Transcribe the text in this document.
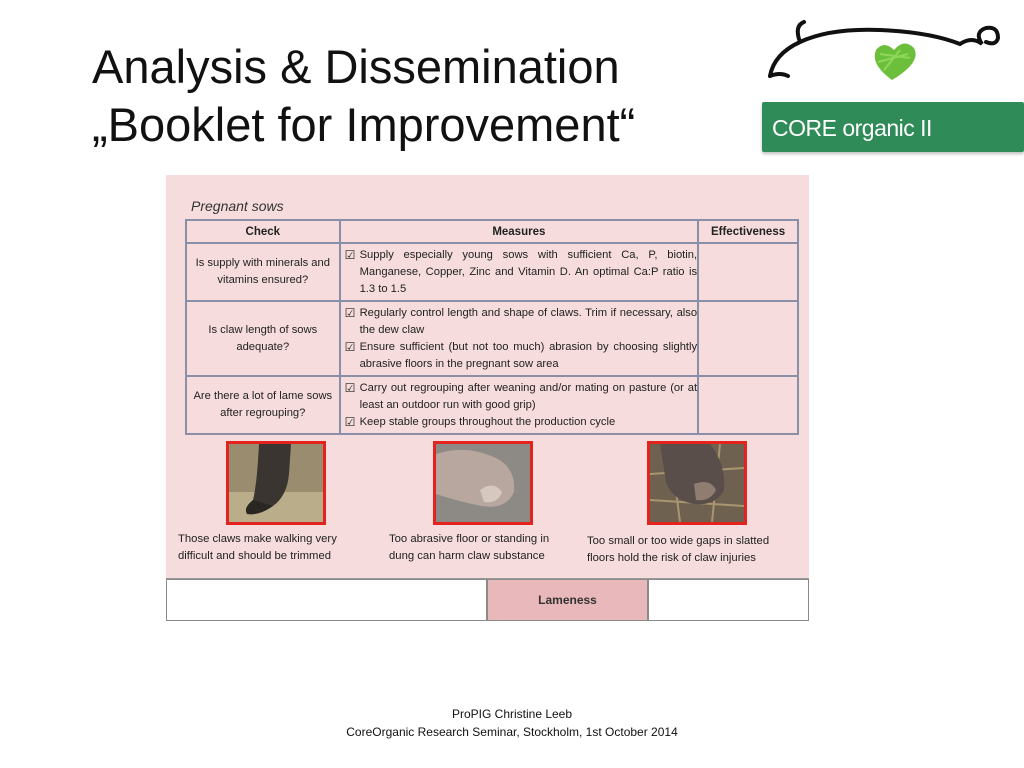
Analysis & Dissemination
„Booklet for Improvement“	CORE organic II
Pregnant sows
Check	Measures	Effectiveness
Is supply with minerals and vitamins ensured?	☑ Supply especially young sows with sufficient Ca, P, biotin, Manganese, Copper, Zinc and Vitamin D. An optimal Ca:P ratio is 1.3 to 1.5	

Is claw length of sows adequate?	☑ Regularly control length and shape of claws. Trim if necessary, also the dew claw
☑ Ensure sufficient (but not too much) abrasion by choosing slightly abrasive floors in the pregnant sow area	

Are there a lot of lame sows after regrouping?	☑ Carry out regrouping after weaning and/or mating on pasture (or at least an outdoor run with good grip)
☑ Keep stable groups throughout the production cycle	

Those claws make walking very
difficult and should be trimmed
Too abrasive floor or standing in
dung can harm claw substance
Too small or too wide gaps in slatted
floors hold the risk of claw injuries
Lameness
ProPIG Christine Leeb
CoreOrganic Research Seminar, Stockholm, 1st October 2014
